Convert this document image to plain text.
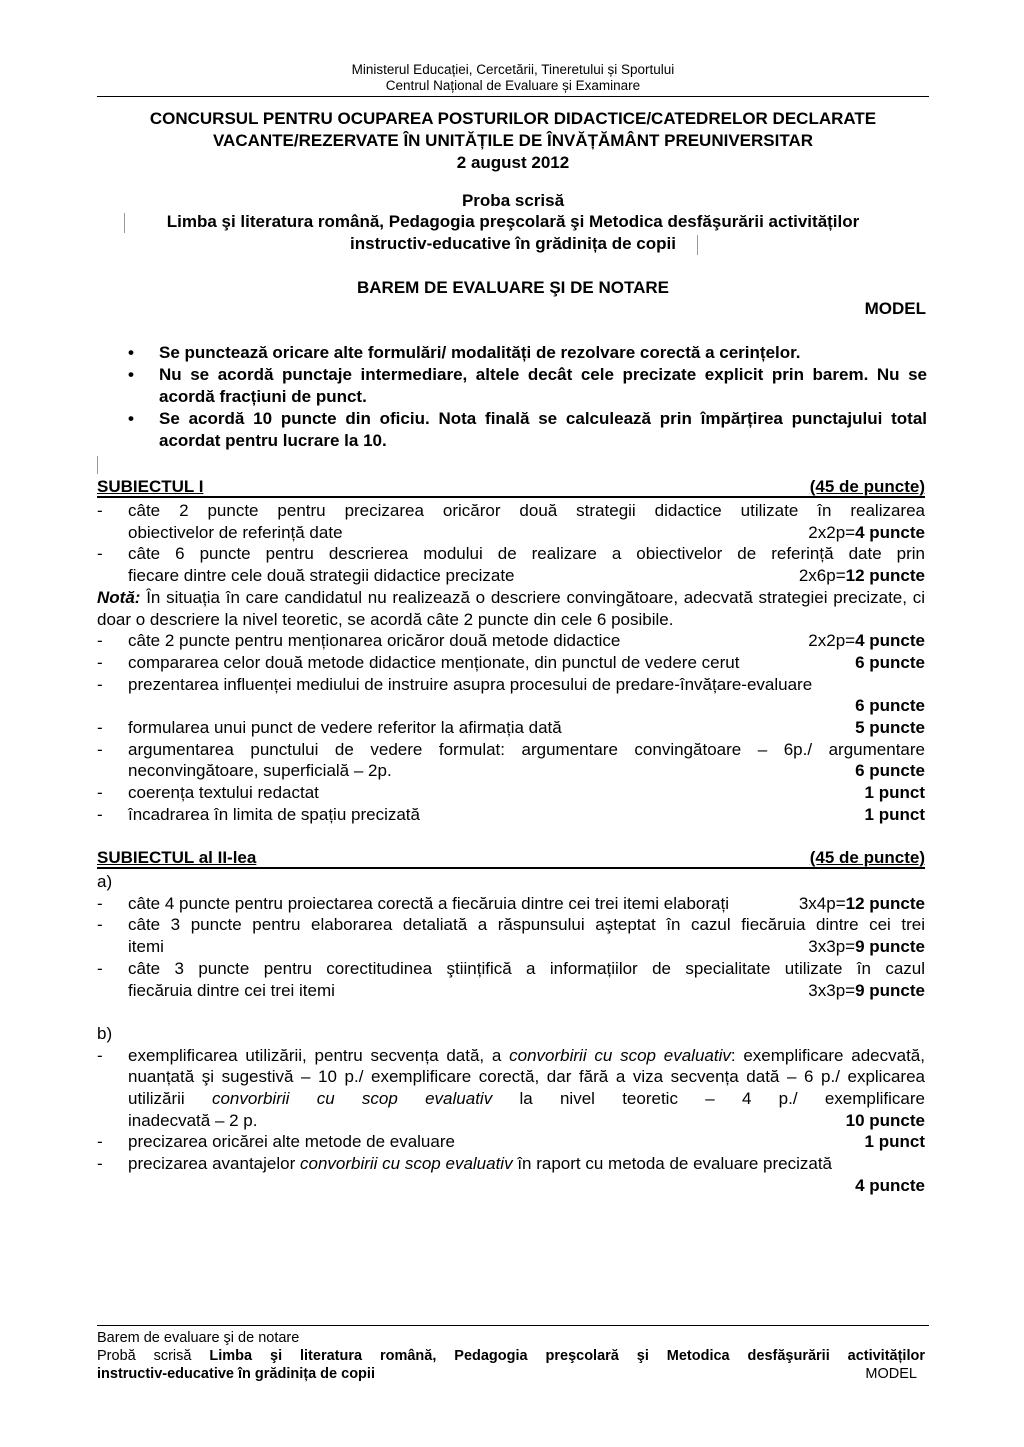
Ministerul Educației, Cercetării, Tineretului și Sportului
Centrul Național de Evaluare și Examinare
CONCURSUL PENTRU OCUPAREA POSTURILOR DIDACTICE/CATEDRELOR DECLARATE
VACANTE/REZERVATE ÎN UNITĂȚILE DE ÎNVĂȚĂMÂNT PREUNIVERSITAR
2 august 2012
Proba scrisă
Limba şi literatura română, Pedagogia preşcolară şi Metodica desfăşurării activităților
instructiv-educative în grădinița de copii
BAREM DE EVALUARE ŞI DE NOTARE
MODEL
• Se punctează oricare alte formulări/ modalități de rezolvare corectă a cerințelor.
• Nu se acordă punctaje intermediare, altele decât cele precizate explicit prin barem. Nu se acordă fracțiuni de punct.
• Se acordă 10 puncte din oficiu. Nota finală se calculează prin împărțirea punctajului total acordat pentru lucrare la 10.
SUBIECTUL I	(45 de puncte)
- câte 2 puncte pentru precizarea oricăror două strategii didactice utilizate în realizarea
obiectivelor de referință date	2x2p=4 puncte
- câte 6 puncte pentru descrierea modului de realizare a obiectivelor de referință date prin
fiecare dintre cele două strategii didactice precizate	2x6p=12 puncte
Notă: În situația în care candidatul nu realizează o descriere convingătoare, adecvată strategiei precizate, ci doar o descriere la nivel teoretic, se acordă câte 2 puncte din cele 6 posibile.
- câte 2 puncte pentru menționarea oricăror două metode didactice	2x2p=4 puncte
- compararea celor două metode didactice menționate, din punctul de vedere cerut	6 puncte
- prezentarea influenței mediului de instruire asupra procesului de predare-învățare-evaluare
6 puncte
- formularea unui punct de vedere referitor la afirmația dată	5 puncte
- argumentarea punctului de vedere formulat: argumentare convingătoare – 6p./ argumentare
neconvingătoare, superficială – 2p.	6 puncte
- coerența textului redactat	1 punct
- încadrarea în limita de spațiu precizată	1 punct
SUBIECTUL al II-lea	(45 de puncte)
a)
- câte 4 puncte pentru proiectarea corectă a fiecăruia dintre cei trei itemi elaborați	3x4p=12 puncte
- câte 3 puncte pentru elaborarea detaliată a răspunsului aşteptat în cazul fiecăruia dintre cei trei
itemi	3x3p=9 puncte
- câte 3 puncte pentru corectitudinea ştiințifică a informațiilor de specialitate utilizate în cazul
fiecăruia dintre cei trei itemi	3x3p=9 puncte
b)
- exemplificarea utilizării, pentru secvența dată, a convorbirii cu scop evaluativ: exemplificare adecvată, nuanțată şi sugestivă – 10 p./ exemplificare corectă, dar fără a viza secvența dată – 6 p./ explicarea utilizării convorbirii cu scop evaluativ la nivel teoretic – 4 p./ exemplificare
inadecvată – 2 p.	10 puncte
- precizarea oricărei alte metode de evaluare	1 punct
- precizarea avantajelor convorbirii cu scop evaluativ în raport cu metoda de evaluare precizată
4 puncte
Barem de evaluare şi de notare
Probă scrisă Limba şi literatura română, Pedagogia preşcolară şi Metodica desfăşurării activităților
instructiv-educative în grădinița de copii	MODEL
